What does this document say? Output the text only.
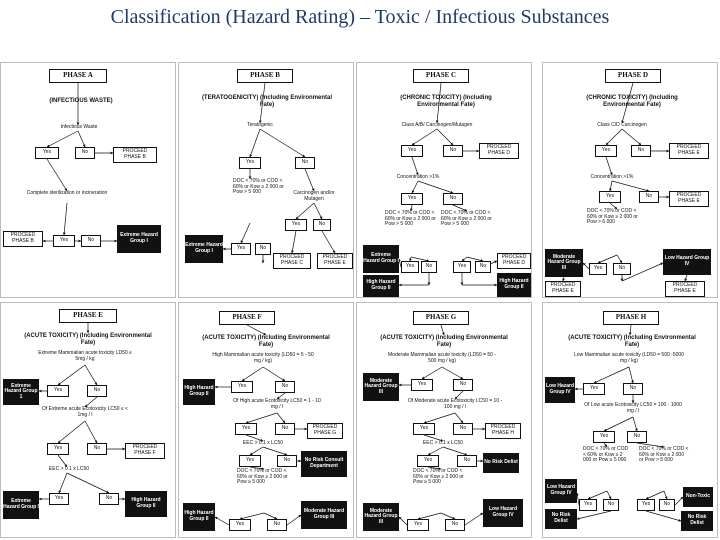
Classification (Hazard Rating) – Toxic / Infectious Substances
PHASE A
(INFECTIOUS WASTE)
Infectious Waste
Yes	No	PROCEED PHASE B
Complete sterilization or incineration
PROCEED PHASE B	Yes	No
Extreme Hazard Group I
PHASE B
(TERATOGENICITY) (Including Environmental Fate)
Teratogenic
Yes	No
DOC < 70% or COD < 60% or Kow ≥ 2 000 or Pow > 5 000	Carcinogen and/or Mutagen
Extreme Hazard Group I	Yes	No
Yes	No
PROCEED PHASE C
PROCEED PHASE E
PHASE C
(CHRONIC TOXICITY) (Including Environmental Fate)
Class A/B/ Carcinogen/Mutagen
Yes	No	PROCEED PHASE D
Concentration >1%
Yes	No
DOC < 70% or COD < 60% or Kow ≥ 2 000 or Pow > 5 000
DOC < 70% or COD < 60% or Kow ≥ 2 000 or Pow > 5 000
Extreme Hazard Group I
High Hazard Group II
Yes	No	Yes	No
PROCEED PHASE D
High Hazard Group II
PHASE D
(CHRONIC TOXICITY) (Including Environmental Fate)
Class C/D Carcinogen
Yes	No	PROCEED PHASE E
Concentration >1%
Yes	No	PROCEED PHASE E
DOC < 70% or COD < 60% or Kow ≥ 2 000 or Pow > 6 000
Moderate Hazard Group III	Yes	No
Low Hazard Group IV
PROCEED PHASE E
PROCEED PHASE E
PHASE E
(ACUTE TOXICITY) (Including Environmental Fate)
Extreme Mammalian acute toxicity LD50 ≤ 5mg / kg
Extreme Hazard Group 1
Yes	No
Of Extreme acute Ecotoxicity LC50 ≤ < 1mg / l
Yes	No	PROCEED PHASE F
EEC > 0.1 x LC50
Extreme Hazard Group I
Yes	No	High Hazard Group II
PHASE F
(ACUTE TOXICITY) (Including Environmental Fate)
High Mammalian acute toxicity (LD50 = 5 - 50 mg / kg)
High Hazard Group II
Yes	No
Of High acute Ecotoxicity LC50 = 1 - 10 mg / l
Yes	No	PROCEED PHASE G
EEC > 0.1 x LC50
Yes	No	No Risk Consult Department
DOC < 70% or COD < 60% or Kow ≥ 2 000 or Pow ≥ 5 000
High Hazard Group II
Yes	No
Moderate Hazard Group III
PHASE G
(ACUTE TOXICITY) (Including Environmental Fate)
Moderate Mammalian acute toxicity (LD50 = 50 - 500 mg / kg)
Moderate Hazard Group III
Yes	No
Of Moderate acute Ecotoxicity LC50 = 10 - 100 mg / l
Yes	No	PROCEED PHASE H
EEC > 0.1 x LC50
Yes	No	No Risk Delist
DOC < 70% or COD < 60% or Kow ≥ 2 000 or Pow ≥ 5 000
Moderate Hazard Group III	Yes	No
Low Hazard Group IV
PHASE H
(ACUTE TOXICITY) (Including Environmental Fate)
Low Mammalian acute toxicity (LD50 = 500 -5000 mg / kg)
Low Hazard Group IV
Yes	No
Of Low acute Ecotoxicity LC50 = 100 - 1000 mg / l
Yes	No
DOC < 70% or COD < 60% or Kow ≥ 2 000 or Pow ≥ 5 000
DOC < 70% or COD < 60% or Kow ≥ 2 000 or Pow > 5 000
Low Hazard Group IV
Yes	No	Yes	No
Non-Toxic
No Risk Delist
No Risk Delist
